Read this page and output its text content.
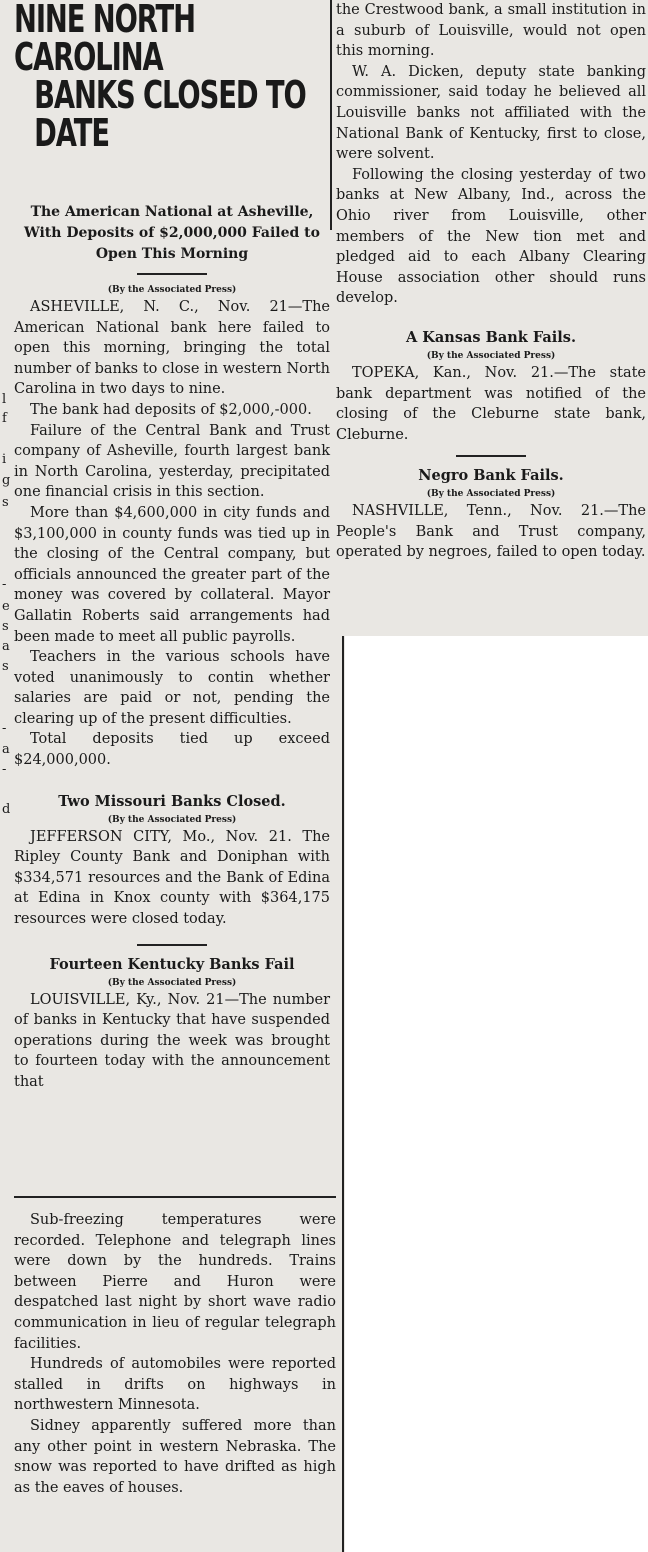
l
f
i
g
s
-
e
s
a
s
-
a
-
d
NINE NORTH CAROLINA
BANKS CLOSED TO DATE
The American National at Asheville, With Deposits of $2,000,000 Failed to Open This Morning
(By the Associated Press)

ASHEVILLE, N. C., Nov. 21—The American National bank here failed to open this morning, bringing the total number of banks to close in western North Carolina in two days to nine.

The bank had deposits of $2,000,-000.

Failure of the Central Bank and Trust company of Asheville, fourth largest bank in North Carolina, yesterday, precipitated one financial crisis in this section.

More than $4,600,000 in city funds and $3,100,000 in county funds was tied up in the closing of the Central company, but officials announced the greater part of the money was covered by collateral. Mayor Gallatin Roberts said arrangements had been made to meet all public payrolls.

Teachers in the various schools have voted unanimously to contin whether salaries are paid or not, pending the clearing up of the present difficulties.

Total deposits tied up exceed $24,000,000.

Two Missouri Banks Closed.
(By the Associated Press)

JEFFERSON CITY, Mo., Nov. 21. The Ripley County Bank and Doniphan with $334,571 resources and the Bank of Edina at Edina in Knox county with $364,175 resources were closed today.

Fourteen Kentucky Banks Fail
(By the Associated Press)

LOUISVILLE, Ky., Nov. 21—The number of banks in Kentucky that have suspended operations during the week was brought to fourteen today with the announcement that

Sub-freezing temperatures were recorded. Telephone and telegraph lines were down by the hundreds. Trains between Pierre and Huron were despatched last night by short wave radio communication in lieu of regular telegraph facilities.

Hundreds of automobiles were reported stalled in drifts on highways in northwestern Minnesota.

Sidney apparently suffered more than any other point in western Nebraska. The snow was reported to have drifted as high as the eaves of houses.

the Crestwood bank, a small institution in a suburb of Louisville, would not open this morning.

W. A. Dicken, deputy state banking commissioner, said today he believed all Louisville banks not affiliated with the National Bank of Kentucky, first to close, were solvent.

Following the closing yesterday of two banks at New Albany, Ind., across the Ohio river from Louisville, other members of the New tion met and pledged aid to each Albany Clearing House association other should runs develop.

A Kansas Bank Fails.
(By the Associated Press)

TOPEKA, Kan., Nov. 21.—The state bank department was notified of the closing of the Cleburne state bank, Cleburne.

Negro Bank Fails.
(By the Associated Press)

NASHVILLE, Tenn., Nov. 21.—The People's Bank and Trust company, operated by negroes, failed to open today.
